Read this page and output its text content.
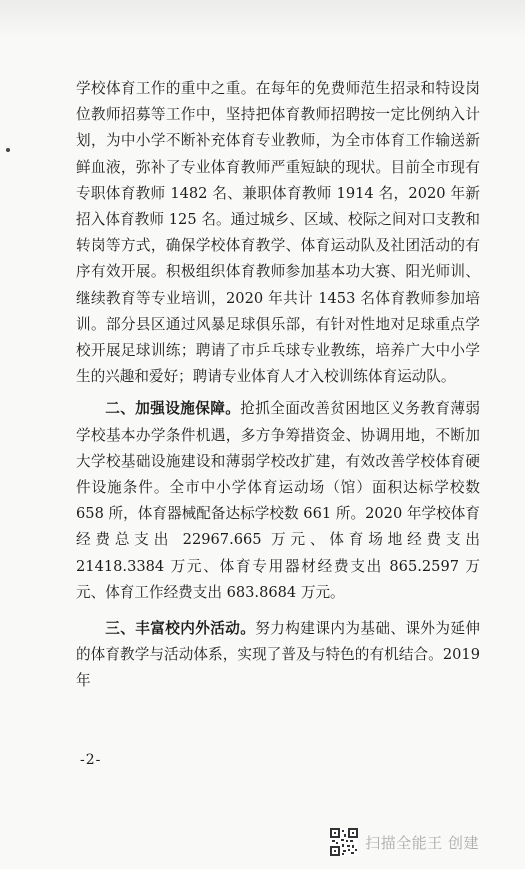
学校体育工作的重中之重。在每年的免费师范生招录和特设岗位教师招募等工作中，坚持把体育教师招聘按一定比例纳入计划，为中小学不断补充体育专业教师，为全市体育工作输送新鲜血液，弥补了专业体育教师严重短缺的现状。目前全市现有专职体育教师 1482 名、兼职体育教师 1914 名，2020 年新招入体育教师 125 名。通过城乡、区域、校际之间对口支教和转岗等方式，确保学校体育教学、体育运动队及社团活动的有序有效开展。积极组织体育教师参加基本功大赛、阳光师训、继续教育等专业培训，2020 年共计 1453 名体育教师参加培训。部分县区通过风暴足球俱乐部，有针对性地对足球重点学校开展足球训练；聘请了市乒乓球专业教练，培养广大中小学生的兴趣和爱好；聘请专业体育人才入校训练体育运动队。

二、加强设施保障。抢抓全面改善贫困地区义务教育薄弱学校基本办学条件机遇，多方争筹措资金、协调用地，不断加大学校基础设施建设和薄弱学校改扩建，有效改善学校体育硬件设施条件。全市中小学体育运动场（馆）面积达标学校数 658 所，体育器械配备达标学校数 661 所。2020 年学校体育经费总支出 22967.665 万元、体育场地经费支出 21418.3384 万元、体育专用器材经费支出 865.2597 万元、体育工作经费支出 683.8684 万元。

三、丰富校内外活动。努力构建课内为基础、课外为延伸的体育教学与活动体系，实现了普及与特色的有机结合。2019 年

-2-
扫描全能王 创建
